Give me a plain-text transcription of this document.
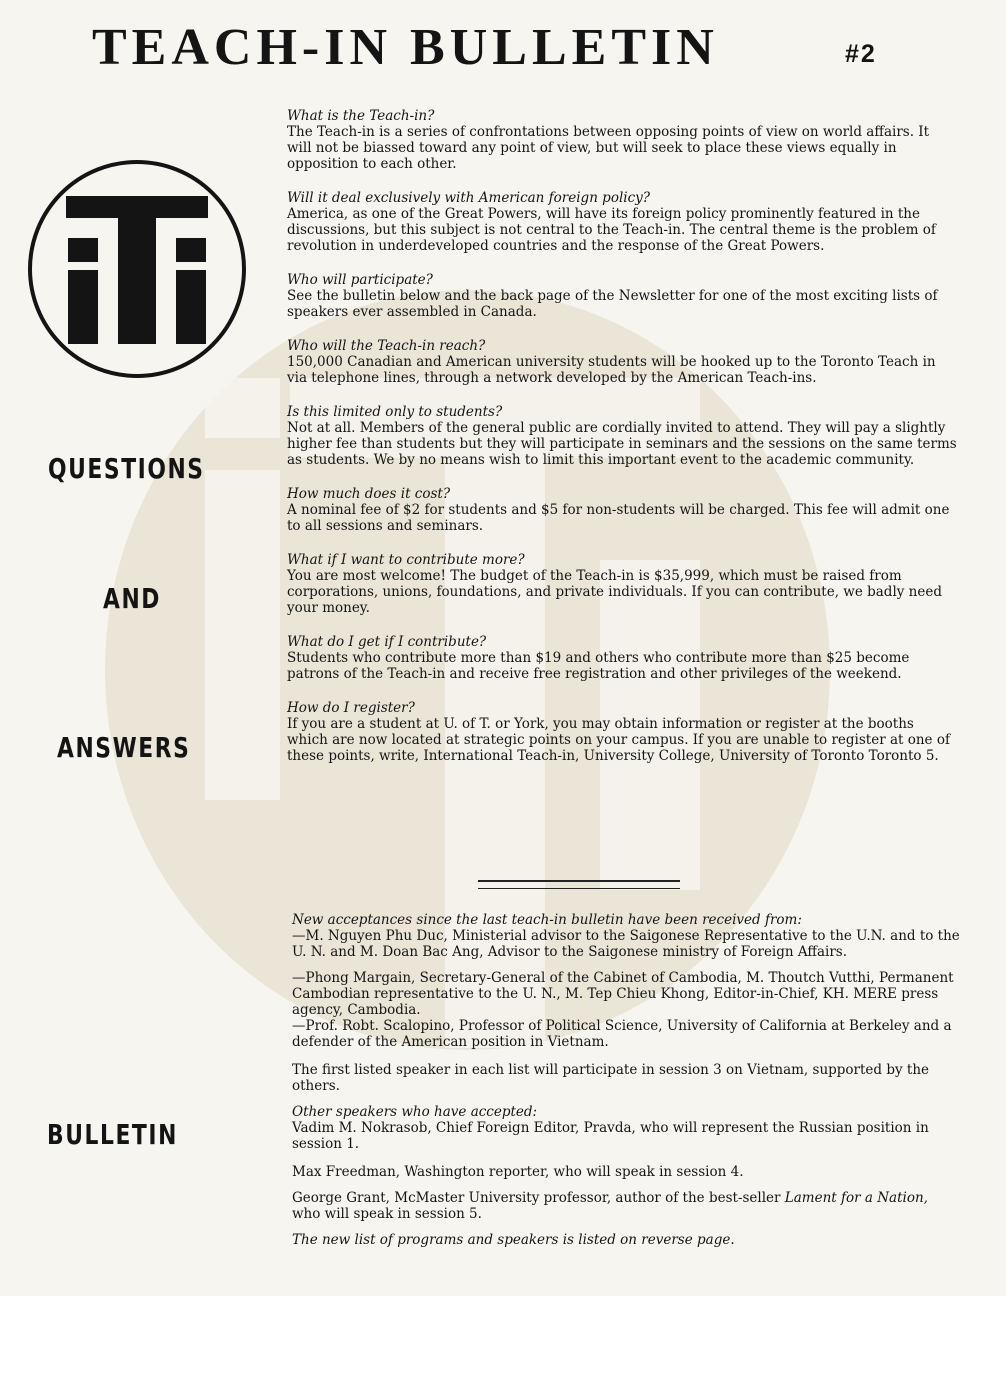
TEACH-IN BULLETIN	#2
QUESTIONS
AND
ANSWERS
BULLETIN

What is the Teach-in?

The Teach-in is a series of confrontations between opposing points of view on world affairs. It will not be biassed toward any point of view, but will seek to place these views equally in opposition to each other.

Will it deal exclusively with American foreign policy?

America, as one of the Great Powers, will have its foreign policy prominently featured in the discussions, but this subject is not central to the Teach-in. The central theme is the problem of revolution in underdeveloped countries and the response of the Great Powers.

Who will participate?

See the bulletin below and the back page of the Newsletter for one of the most exciting lists of speakers ever assembled in Canada.

Who will the Teach-in reach?

150,000 Canadian and American university students will be hooked up to the Toronto Teach in via telephone lines, through a network developed by the American Teach-ins.

Is this limited only to students?

Not at all. Members of the general public are cordially invited to attend. They will pay a slightly higher fee than students but they will participate in seminars and the sessions on the same terms as students. We by no means wish to limit this important event to the academic community.

How much does it cost?

A nominal fee of $2 for students and $5 for non-students will be charged. This fee will admit one to all sessions and seminars.

What if I want to contribute more?

You are most welcome! The budget of the Teach-in is $35,999, which must be raised from corporations, unions, foundations, and private individuals. If you can contribute, we badly need your money.

What do I get if I contribute?

Students who contribute more than $19 and others who contribute more than $25 become patrons of the Teach-in and receive free registration and other privileges of the weekend.

How do I register?

If you are a student at U. of T. or York, you may obtain information or register at the booths which are now located at strategic points on your campus. If you are unable to register at one of these points, write, International Teach-in, University College, University of Toronto Toronto 5.

New acceptances since the last teach-in bulletin have been received from:
—M. Nguyen Phu Duc, Ministerial advisor to the Saigonese Representative to the U.N. and to the U. N. and M. Doan Bac Ang, Advisor to the Saigonese ministry of Foreign Affairs.
—Phong Margain, Secretary-General of the Cabinet of Cambodia, M. Thoutch Vutthi, Permanent Cambodian representative to the U. N., M. Tep Chieu Khong, Editor-in-Chief, KH. MERE press agency, Cambodia.
—Prof. Robt. Scalopino, Professor of Political Science, University of California at Berkeley and a defender of the American position in Vietnam.

The first listed speaker in each list will participate in session 3 on Vietnam, supported by the others.

Other speakers who have accepted:
Vadim M. Nokrasob, Chief Foreign Editor, Pravda, who will represent the Russian position in session 1.

Max Freedman, Washington reporter, who will speak in session 4.

George Grant, McMaster University professor, author of the best-seller Lament for a Nation, who will speak in session 5.

The new list of programs and speakers is listed on reverse page.
